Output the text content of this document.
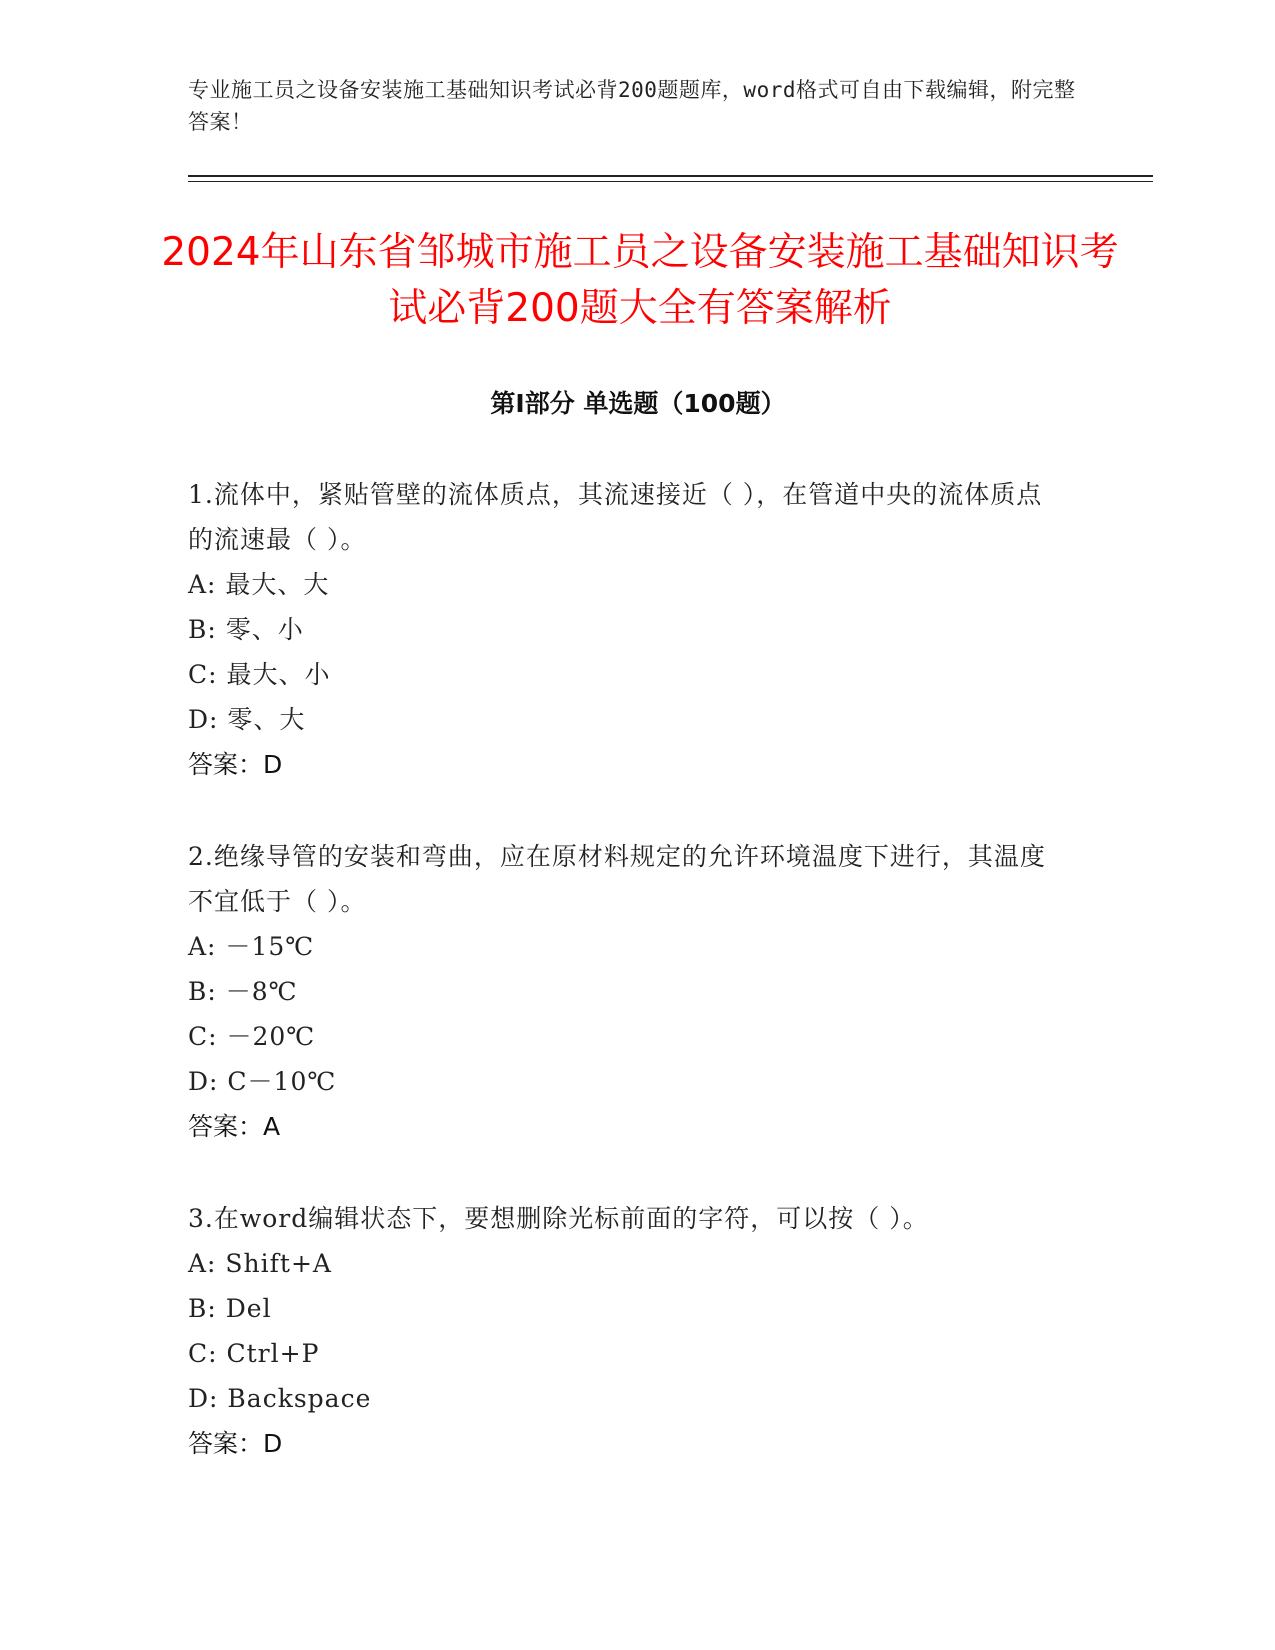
专业施工员之设备安装施工基础知识考试必背200题题库，word格式可自由下载编辑，附完整答案！
2024年山东省邹城市施工员之设备安装施工基础知识考试必背200题大全有答案解析
第I部分 单选题（100题）

1.流体中，紧贴管壁的流体质点，其流速接近（ ），在管道中央的流体质点的流速最（ ）。

A: 最大、大

B: 零、小

C: 最大、小

D: 零、大

答案：D

2.绝缘导管的安装和弯曲，应在原材料规定的允许环境温度下进行，其温度不宜低于（ ）。

A: －15℃

B: －8℃

C: －20℃

D: C－10℃

答案：A

3.在word编辑状态下，要想删除光标前面的字符，可以按（ ）。

A: Shift+A

B: Del

C: Ctrl+P

D: Backspace

答案：D
